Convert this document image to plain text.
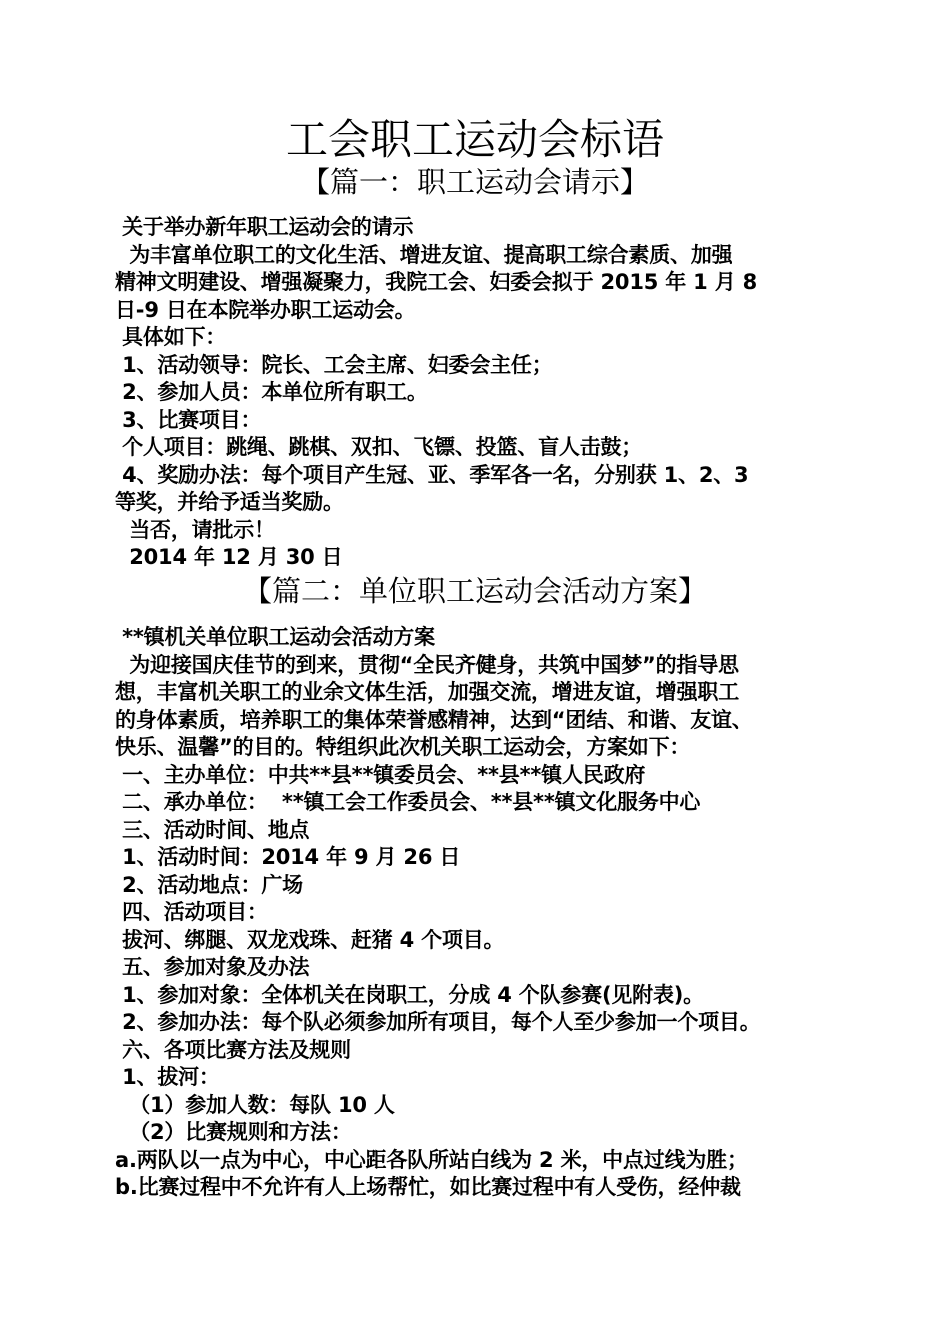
工会职工运动会标语
【篇一：职工运动会请示】
关于举办新年职工运动会的请示
为丰富单位职工的文化生活、增进友谊、提高职工综合素质、加强
精神文明建设、增强凝聚力，我院工会、妇委会拟于 2015 年 1 月 8
日-9 日在本院举办职工运动会。
具体如下：
1、活动领导：院长、工会主席、妇委会主任；
2、参加人员：本单位所有职工。
3、比赛项目：
个人项目：跳绳、跳棋、双扣、飞镖、投篮、盲人击鼓；
4、奖励办法：每个项目产生冠、亚、季军各一名，分别获 1、2、3
等奖，并给予适当奖励。
当否，请批示！
2014 年 12 月 30 日
【篇二：单位职工运动会活动方案】
**镇机关单位职工运动会活动方案
为迎接国庆佳节的到来，贯彻“全民齐健身，共筑中国梦”的指导思
想，丰富机关职工的业余文体生活，加强交流，增进友谊，增强职工
的身体素质，培养职工的集体荣誉感精神，达到“团结、和谐、友谊、
快乐、温馨”的目的。特组织此次机关职工运动会，方案如下：
一、主办单位：中共**县**镇委员会、**县**镇人民政府
二、承办单位：  **镇工会工作委员会、**县**镇文化服务中心
三、活动时间、地点
1、活动时间：2014 年 9 月 26 日
2、活动地点：广场
四、活动项目：
拔河、绑腿、双龙戏珠、赶猪 4 个项目。
五、参加对象及办法
1、参加对象：全体机关在岗职工，分成 4 个队参赛(见附表)。
2、参加办法：每个队必须参加所有项目，每个人至少参加一个项目。
六、各项比赛方法及规则
1、拔河：
（1）参加人数：每队 10 人
（2）比赛规则和方法：
a.两队以一点为中心，中心距各队所站白线为 2 米，中点过线为胜；
b.比赛过程中不允许有人上场帮忙，如比赛过程中有人受伤，经仲裁
